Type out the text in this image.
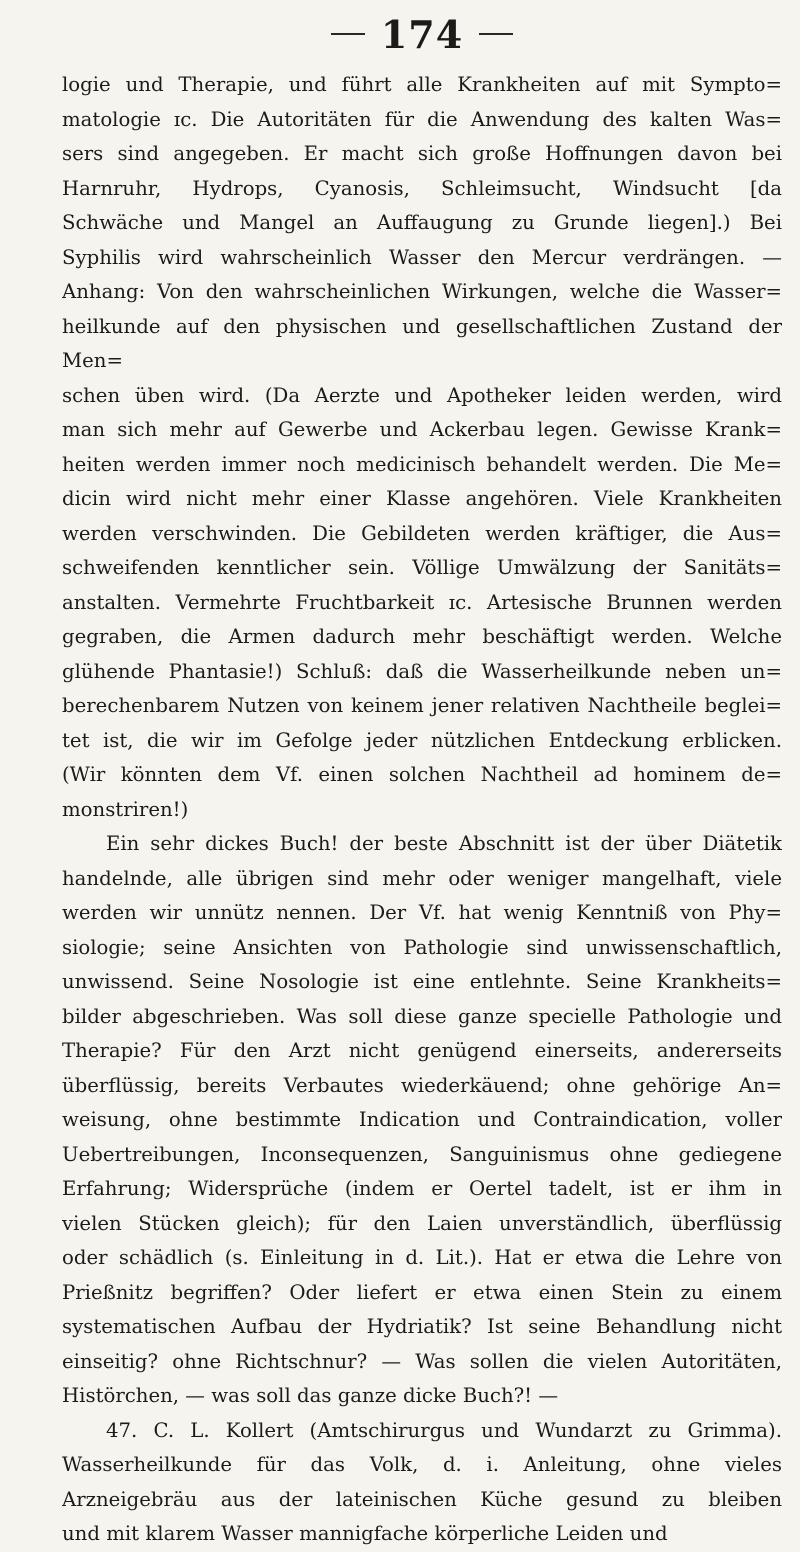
174
logie und Therapie, und führt alle Krankheiten auf mit Sympto=
matologie ɪc. Die Autoritäten für die Anwendung des kalten Was=
sers sind angegeben. Er macht sich große Hoffnungen davon bei
Harnruhr, Hydrops, Cyanosis, Schleimsucht, Windsucht [da
Schwäche und Mangel an Auffaugung zu Grunde liegen].) Bei
Syphilis wird wahrscheinlich Wasser den Mercur verdrängen. —
Anhang: Von den wahrscheinlichen Wirkungen, welche die Wasser=
heilkunde auf den physischen und gesellschaftlichen Zustand der Men=
schen üben wird. (Da Aerzte und Apotheker leiden werden, wird
man sich mehr auf Gewerbe und Ackerbau legen. Gewisse Krank=
heiten werden immer noch medicinisch behandelt werden. Die Me=
dicin wird nicht mehr einer Klasse angehören. Viele Krankheiten
werden verschwinden. Die Gebildeten werden kräftiger, die Aus=
schweifenden kenntlicher sein. Völlige Umwälzung der Sanitäts=
anstalten. Vermehrte Fruchtbarkeit ɪc. Artesische Brunnen werden
gegraben, die Armen dadurch mehr beschäftigt werden. Welche
glühende Phantasie!) Schluß: daß die Wasserheilkunde neben un=
berechenbarem Nutzen von keinem jener relativen Nachtheile beglei=
tet ist, die wir im Gefolge jeder nützlichen Entdeckung erblicken.
(Wir könnten dem Vf. einen solchen Nachtheil ad hominem de=
monstriren!)
Ein sehr dickes Buch! der beste Abschnitt ist der über Diätetik
handelnde, alle übrigen sind mehr oder weniger mangelhaft, viele
werden wir unnütz nennen. Der Vf. hat wenig Kenntniß von Phy=
siologie; seine Ansichten von Pathologie sind unwissenschaftlich,
unwissend. Seine Nosologie ist eine entlehnte. Seine Krankheits=
bilder abgeschrieben. Was soll diese ganze specielle Pathologie und
Therapie? Für den Arzt nicht genügend einerseits, andererseits
überflüssig, bereits Verbautes wiederkäuend; ohne gehörige An=
weisung, ohne bestimmte Indication und Contraindication, voller
Uebertreibungen, Inconsequenzen, Sanguinismus ohne gediegene
Erfahrung; Widersprüche (indem er Oertel tadelt, ist er ihm in
vielen Stücken gleich); für den Laien unverständlich, überflüssig
oder schädlich (s. Einleitung in d. Lit.). Hat er etwa die Lehre von
Prießnitz begriffen? Oder liefert er etwa einen Stein zu einem
systematischen Aufbau der Hydriatik? Ist seine Behandlung nicht
einseitig? ohne Richtschnur? — Was sollen die vielen Autoritäten,
Histörchen, — was soll das ganze dicke Buch?! —
47. C. L. Kollert (Amtschirurgus und Wundarzt zu Grimma).
Wasserheilkunde für das Volk, d. i. Anleitung, ohne vieles
Arzneigebräu aus der lateinischen Küche gesund zu bleiben
und mit klarem Wasser mannigfache körperliche Leiden und
